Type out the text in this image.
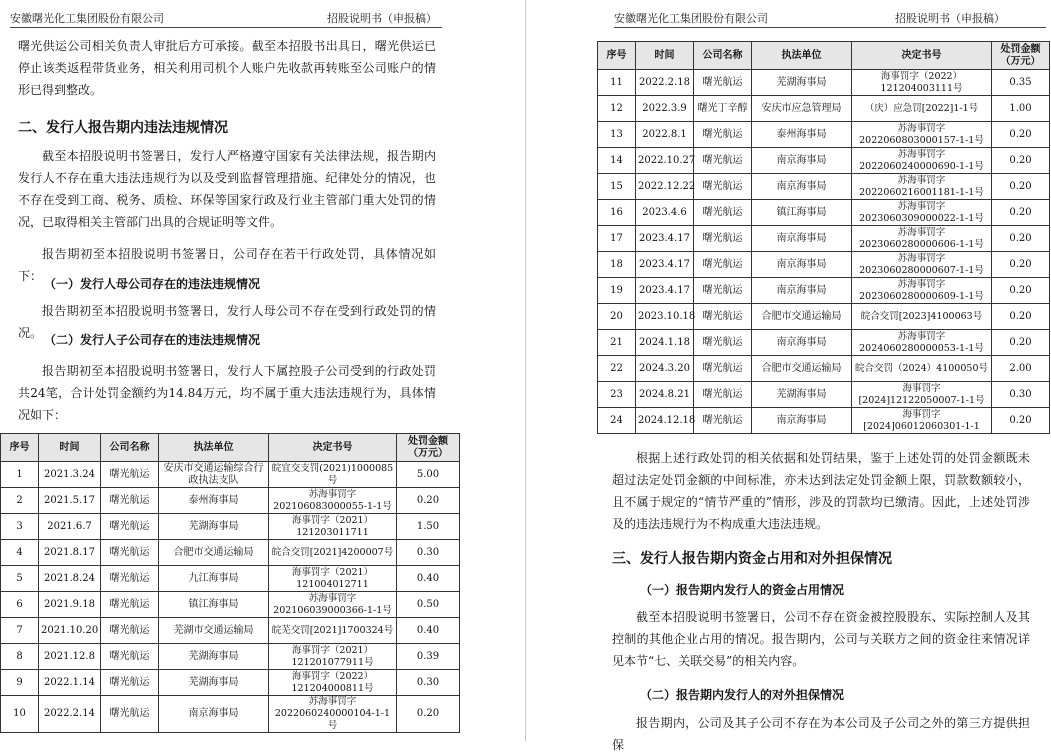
安徽曙光化工集团股份有限公司	招股说明书（申报稿）

曙光供运公司相关负责人审批后方可承接。截至本招股书出具日，曙光供运已停止该类返程带货业务，相关利用司机个人账户先收款再转账至公司账户的情形已得到整改。

二、发行人报告期内违法违规情况

截至本招股说明书签署日，发行人严格遵守国家有关法律法规，报告期内发行人不存在重大违法违规行为以及受到监督管理措施、纪律处分的情况，也不存在受到工商、税务、质检、环保等国家行政及行业主管部门重大处罚的情况，已取得相关主管部门出具的合规证明等文件。

报告期初至本招股说明书签署日，公司存在若干行政处罚，具体情况如下：

（一）发行人母公司存在的违法违规情况

报告期初至本招股说明书签署日，发行人母公司不存在受到行政处罚的情况。 （二）发行人子公司存在的违法违规情况

报告期初至本招股说明书签署日，发行人下属控股子公司受到的行政处罚共24笔，合计处罚金额约为14.84万元，均不属于重大违法违规行为，具体情况如下：

序号	时间	公司名称	执法单位	决定书号	处罚金额（万元）
1	2021.3.24	曙光航运	安庆市交通运输综合行政执法支队	皖宜交支罚(2021)1000085号	5.00
2	2021.5.17	曙光航运	泰州海事局	苏海事罚字202106083000055-1-1号	0.20
3	2021.6.7	曙光航运	芜湖海事局	海事罚字（2021）121203011711	1.50
4	2021.8.17	曙光航运	合肥市交通运输局	皖合交罚[2021]4200007号	0.30
5	2021.8.24	曙光航运	九江海事局	海事罚字（2021）121004012711	0.40
6	2021.9.18	曙光航运	镇江海事局	苏海事罚字202106039000366-1-1号	0.50
7	2021.10.20	曙光航运	芜湖市交通运输局	皖芜交罚[2021]1700324号	0.40
8	2021.12.8	曙光航运	芜湖海事局	海事罚字（2021）121201077911号	0.39
9	2022.1.14	曙光航运	芜湖海事局	海事罚字（2022）121204000811号	0.30
10	2022.2.14	曙光航运	南京海事局	苏海事罚字2022060240000104-1-1号	0.20
安徽曙光化工集团股份有限公司	招股说明书（申报稿）
序号	时间	公司名称	执法单位	决定书号	处罚金额（万元）
11	2022.2.18	曙光航运	芜湖海事局	海事罚字（2022）121204003111号	0.35
12	2022.3.9	曙光丁辛醇	安庆市应急管理局	（庆）应急罚[2022]1-1号	1.00
13	2022.8.1	曙光航运	泰州海事局	苏海事罚字2022060803000157-1-1号	0.20
14	2022.10.27	曙光航运	南京海事局	苏海事罚字2022060240000690-1-1号	0.20
15	2022.12.22	曙光航运	南京海事局	苏海事罚字2022060216001181-1-1号	0.20
16	2023.4.6	曙光航运	镇江海事局	苏海事罚字2023060309000022-1-1号	0.20
17	2023.4.17	曙光航运	南京海事局	苏海事罚字2023060280000606-1-1号	0.20
18	2023.4.17	曙光航运	南京海事局	苏海事罚字2023060280000607-1-1号	0.20
19	2023.4.17	曙光航运	南京海事局	苏海事罚字2023060280000609-1-1号	0.20
20	2023.10.18	曙光航运	合肥市交通运输局	皖合交罚[2023]4100063号	0.20
21	2024.1.18	曙光航运	南京海事局	苏海事罚字2024060280000053-1-1号	0.20
22	2024.3.20	曙光航运	合肥市交通运输局	皖合交罚（2024）4100050号	2.00
23	2024.8.21	曙光航运	芜湖海事局	海事罚字[2024]12122050007-1-1号	0.30
24	2024.12.18	曙光航运	南京海事局	海事罚字[2024]06012060301-1-1	0.20

根据上述行政处罚的相关依据和处罚结果，鉴于上述处罚的处罚金额既未超过法定处罚金额的中间标准，亦未达到法定处罚金额上限，罚款数额较小，且不属于规定的“情节严重的”情形，涉及的罚款均已缴清。因此，上述处罚涉及的违法违规行为不构成重大违法违规。

三、发行人报告期内资金占用和对外担保情况
（一）报告期内发行人的资金占用情况

截至本招股说明书签署日，公司不存在资金被控股股东、实际控制人及其控制的其他企业占用的情况。报告期内，公司与关联方之间的资金往来情况详见本节“七、关联交易”的相关内容。

（二）报告期内发行人的对外担保情况

报告期内，公司及其子公司不存在为本公司及子公司之外的第三方提供担保
